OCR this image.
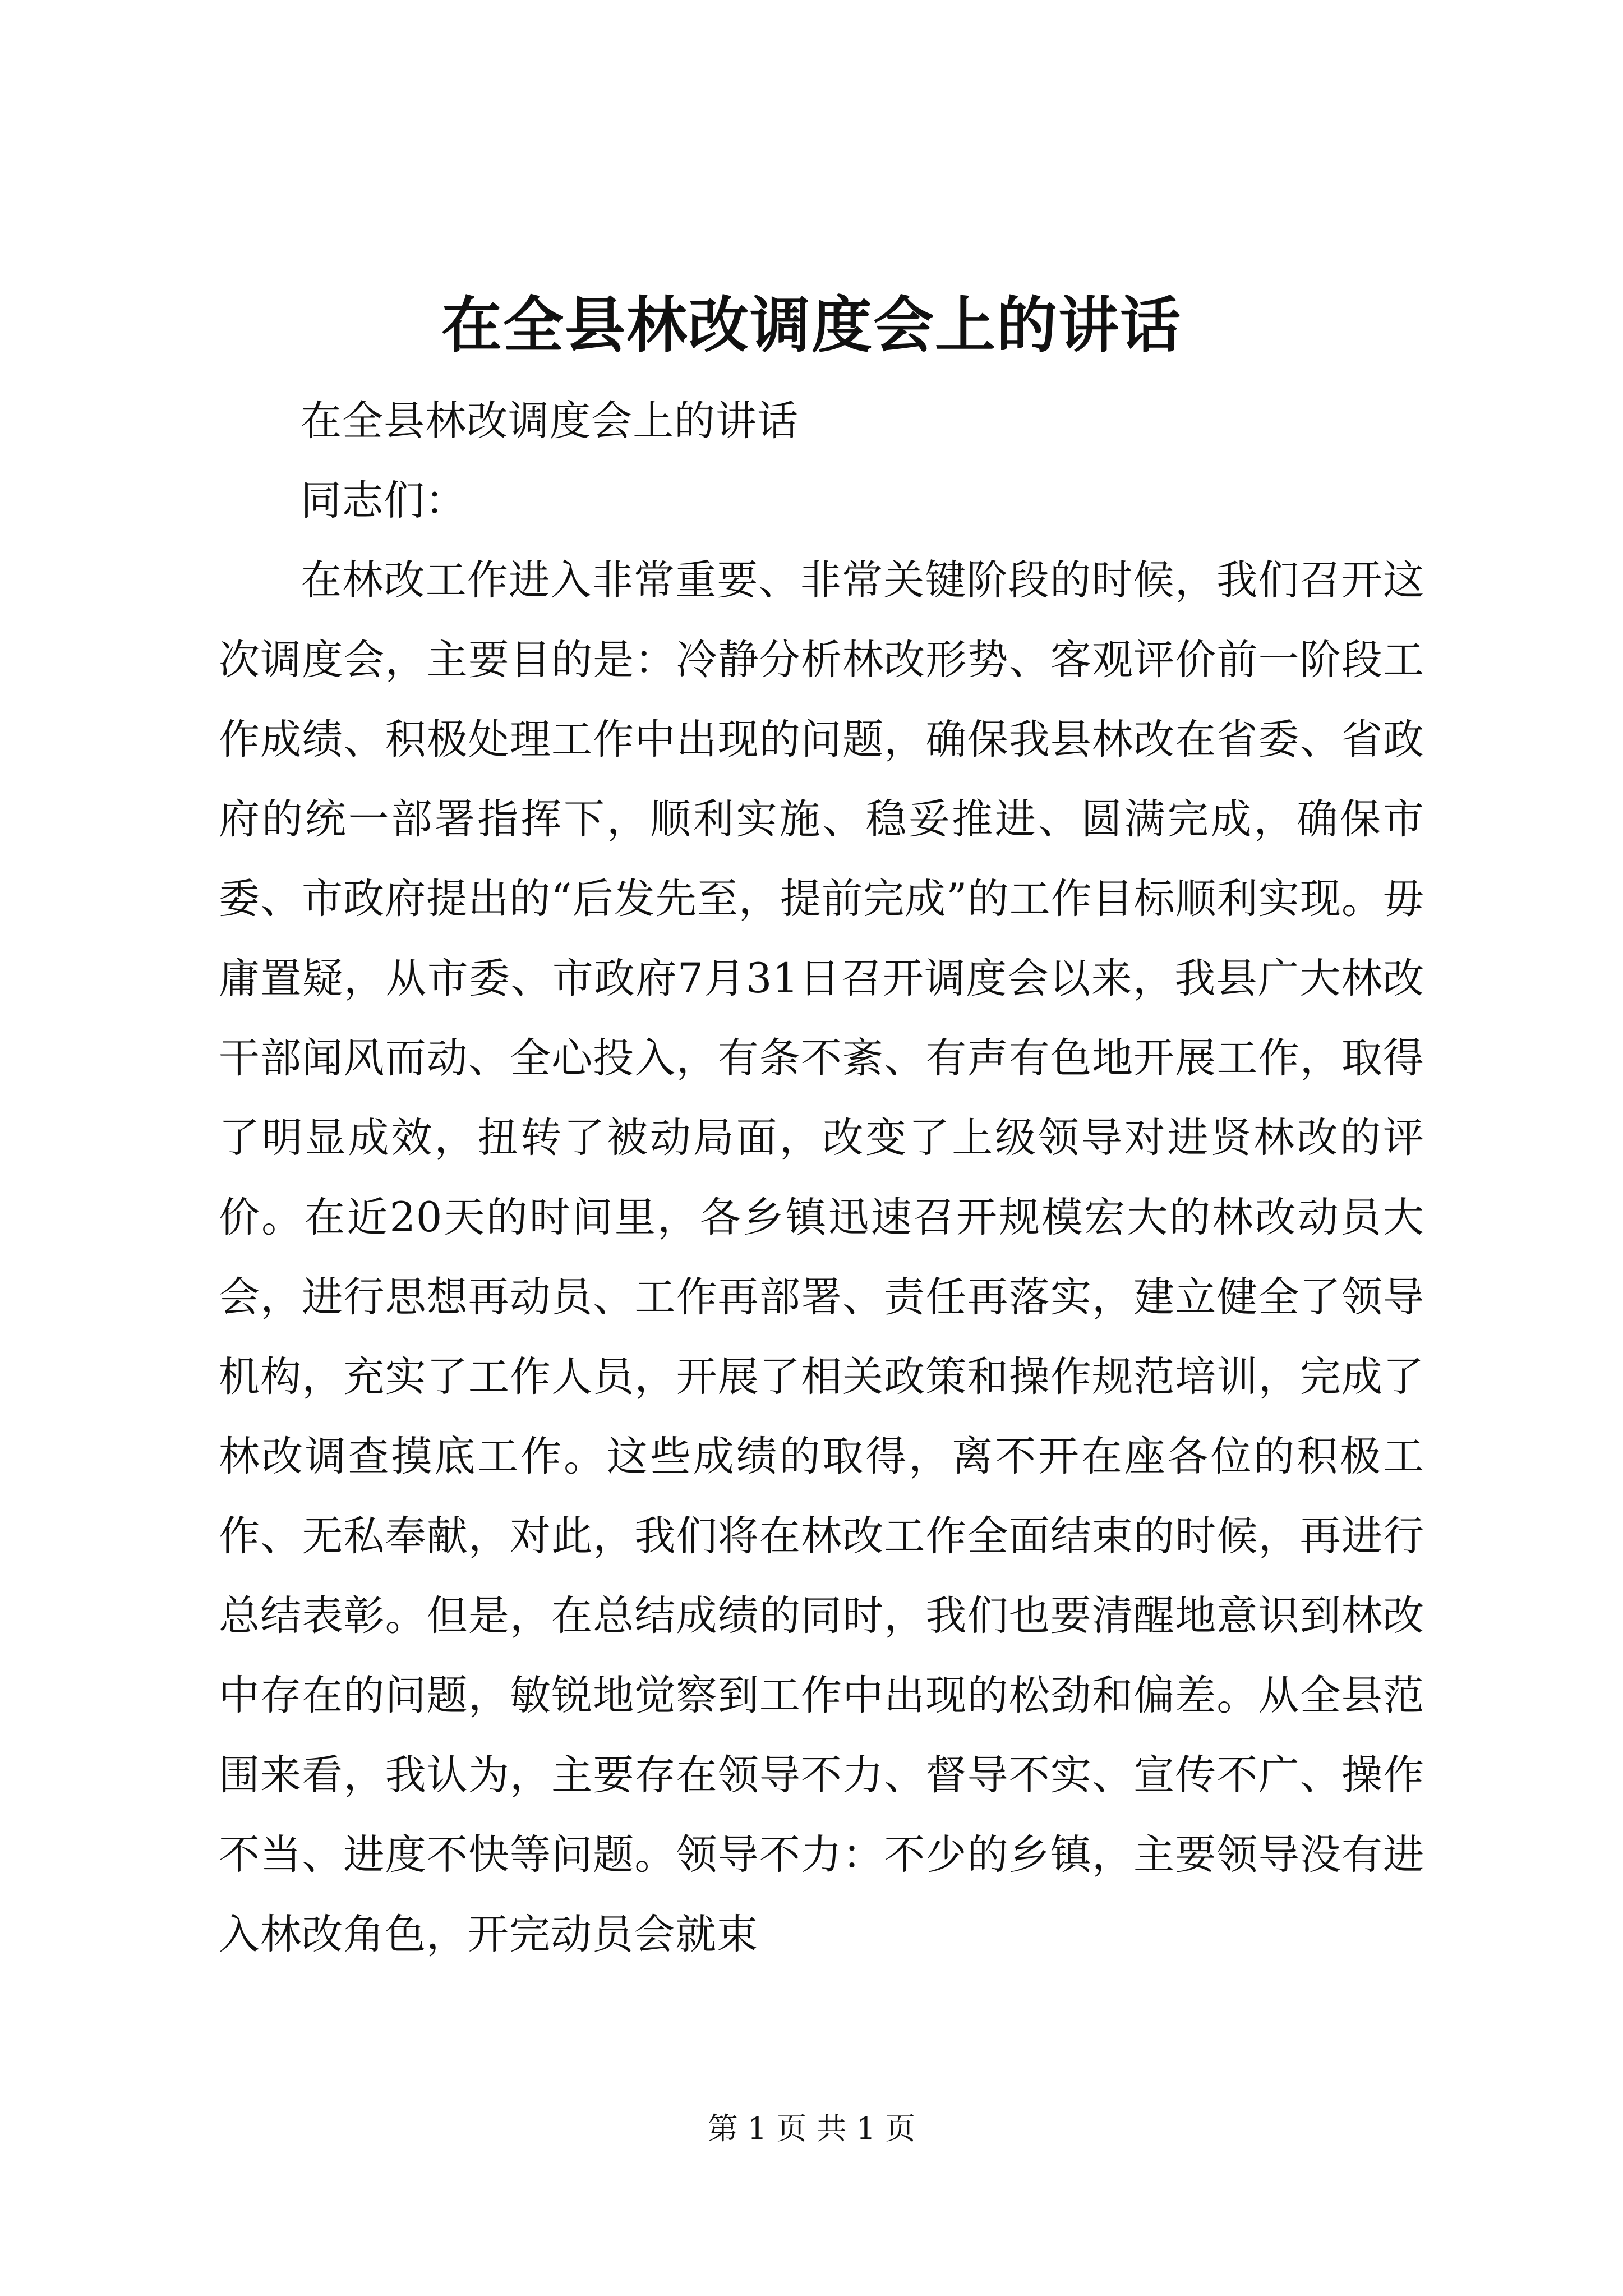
在全县林改调度会上的讲话

在全县林改调度会上的讲话

同志们：

在林改工作进入非常重要、非常关键阶段的时候，我们召开这次调度会，主要目的是：冷静分析林改形势、客观评价前一阶段工作成绩、积极处理工作中出现的问题，确保我县林改在省委、省政府的统一部署指挥下，顺利实施、稳妥推进、圆满完成，确保市委、市政府提出的“后发先至，提前完成”的工作目标顺利实现。毋庸置疑，从市委、市政府7月31日召开调度会以来，我县广大林改干部闻风而动、全心投入，有条不紊、有声有色地开展工作，取得了明显成效，扭转了被动局面，改变了上级领导对进贤林改的评价。在近20天的时间里，各乡镇迅速召开规模宏大的林改动员大会，进行思想再动员、工作再部署、责任再落实，建立健全了领导机构，充实了工作人员，开展了相关政策和操作规范培训，完成了林改调查摸底工作。这些成绩的取得，离不开在座各位的积极工作、无私奉献，对此，我们将在林改工作全面结束的时候，再进行总结表彰。但是，在总结成绩的同时，我们也要清醒地意识到林改中存在的问题，敏锐地觉察到工作中出现的松劲和偏差。从全县范围来看，我认为，主要存在领导不力、督导不实、宣传不广、操作不当、进度不快等问题。领导不力：不少的乡镇，主要领导没有进入林改角色，开完动员会就束

第 1 页 共 1 页
